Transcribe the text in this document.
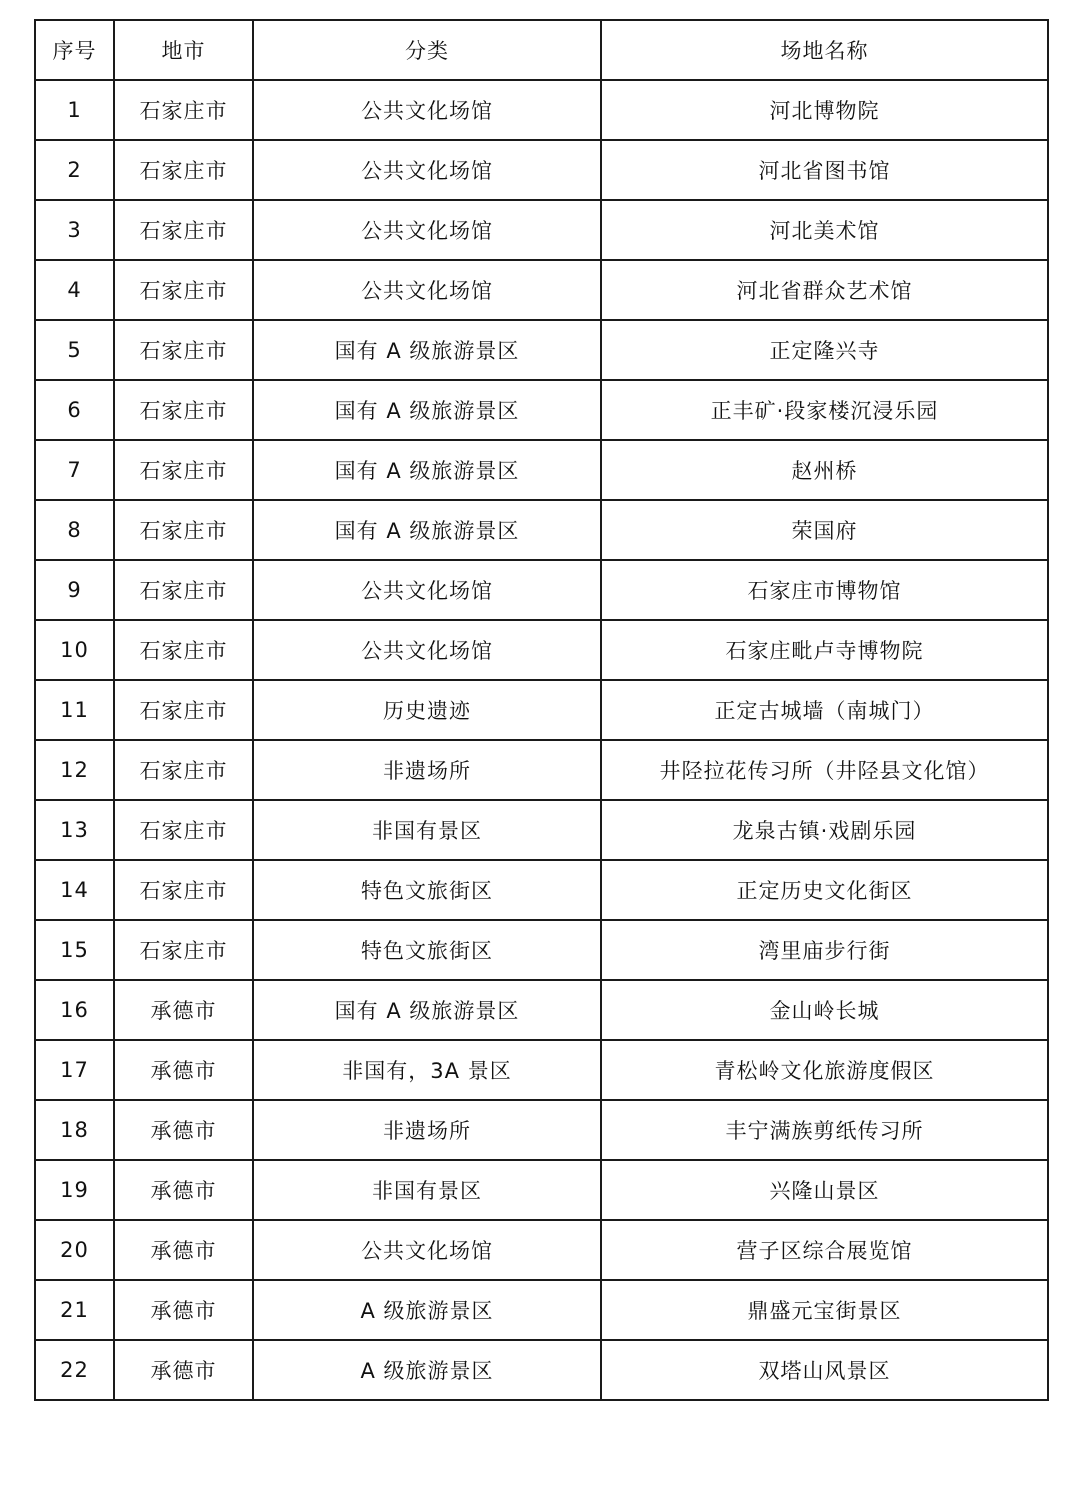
序号	地市	分类	场地名称
1	石家庄市	公共文化场馆	河北博物院
2	石家庄市	公共文化场馆	河北省图书馆
3	石家庄市	公共文化场馆	河北美术馆
4	石家庄市	公共文化场馆	河北省群众艺术馆
5	石家庄市	国有 A 级旅游景区	正定隆兴寺
6	石家庄市	国有 A 级旅游景区	正丰矿·段家楼沉浸乐园
7	石家庄市	国有 A 级旅游景区	赵州桥
8	石家庄市	国有 A 级旅游景区	荣国府
9	石家庄市	公共文化场馆	石家庄市博物馆
10	石家庄市	公共文化场馆	石家庄毗卢寺博物院
11	石家庄市	历史遗迹	正定古城墙（南城门）
12	石家庄市	非遗场所	井陉拉花传习所（井陉县文化馆）
13	石家庄市	非国有景区	龙泉古镇·戏剧乐园
14	石家庄市	特色文旅街区	正定历史文化街区
15	石家庄市	特色文旅街区	湾里庙步行街
16	承德市	国有 A 级旅游景区	金山岭长城
17	承德市	非国有，3A 景区	青松岭文化旅游度假区
18	承德市	非遗场所	丰宁满族剪纸传习所
19	承德市	非国有景区	兴隆山景区
20	承德市	公共文化场馆	营子区综合展览馆
21	承德市	A 级旅游景区	鼎盛元宝街景区
22	承德市	A 级旅游景区	双塔山风景区
